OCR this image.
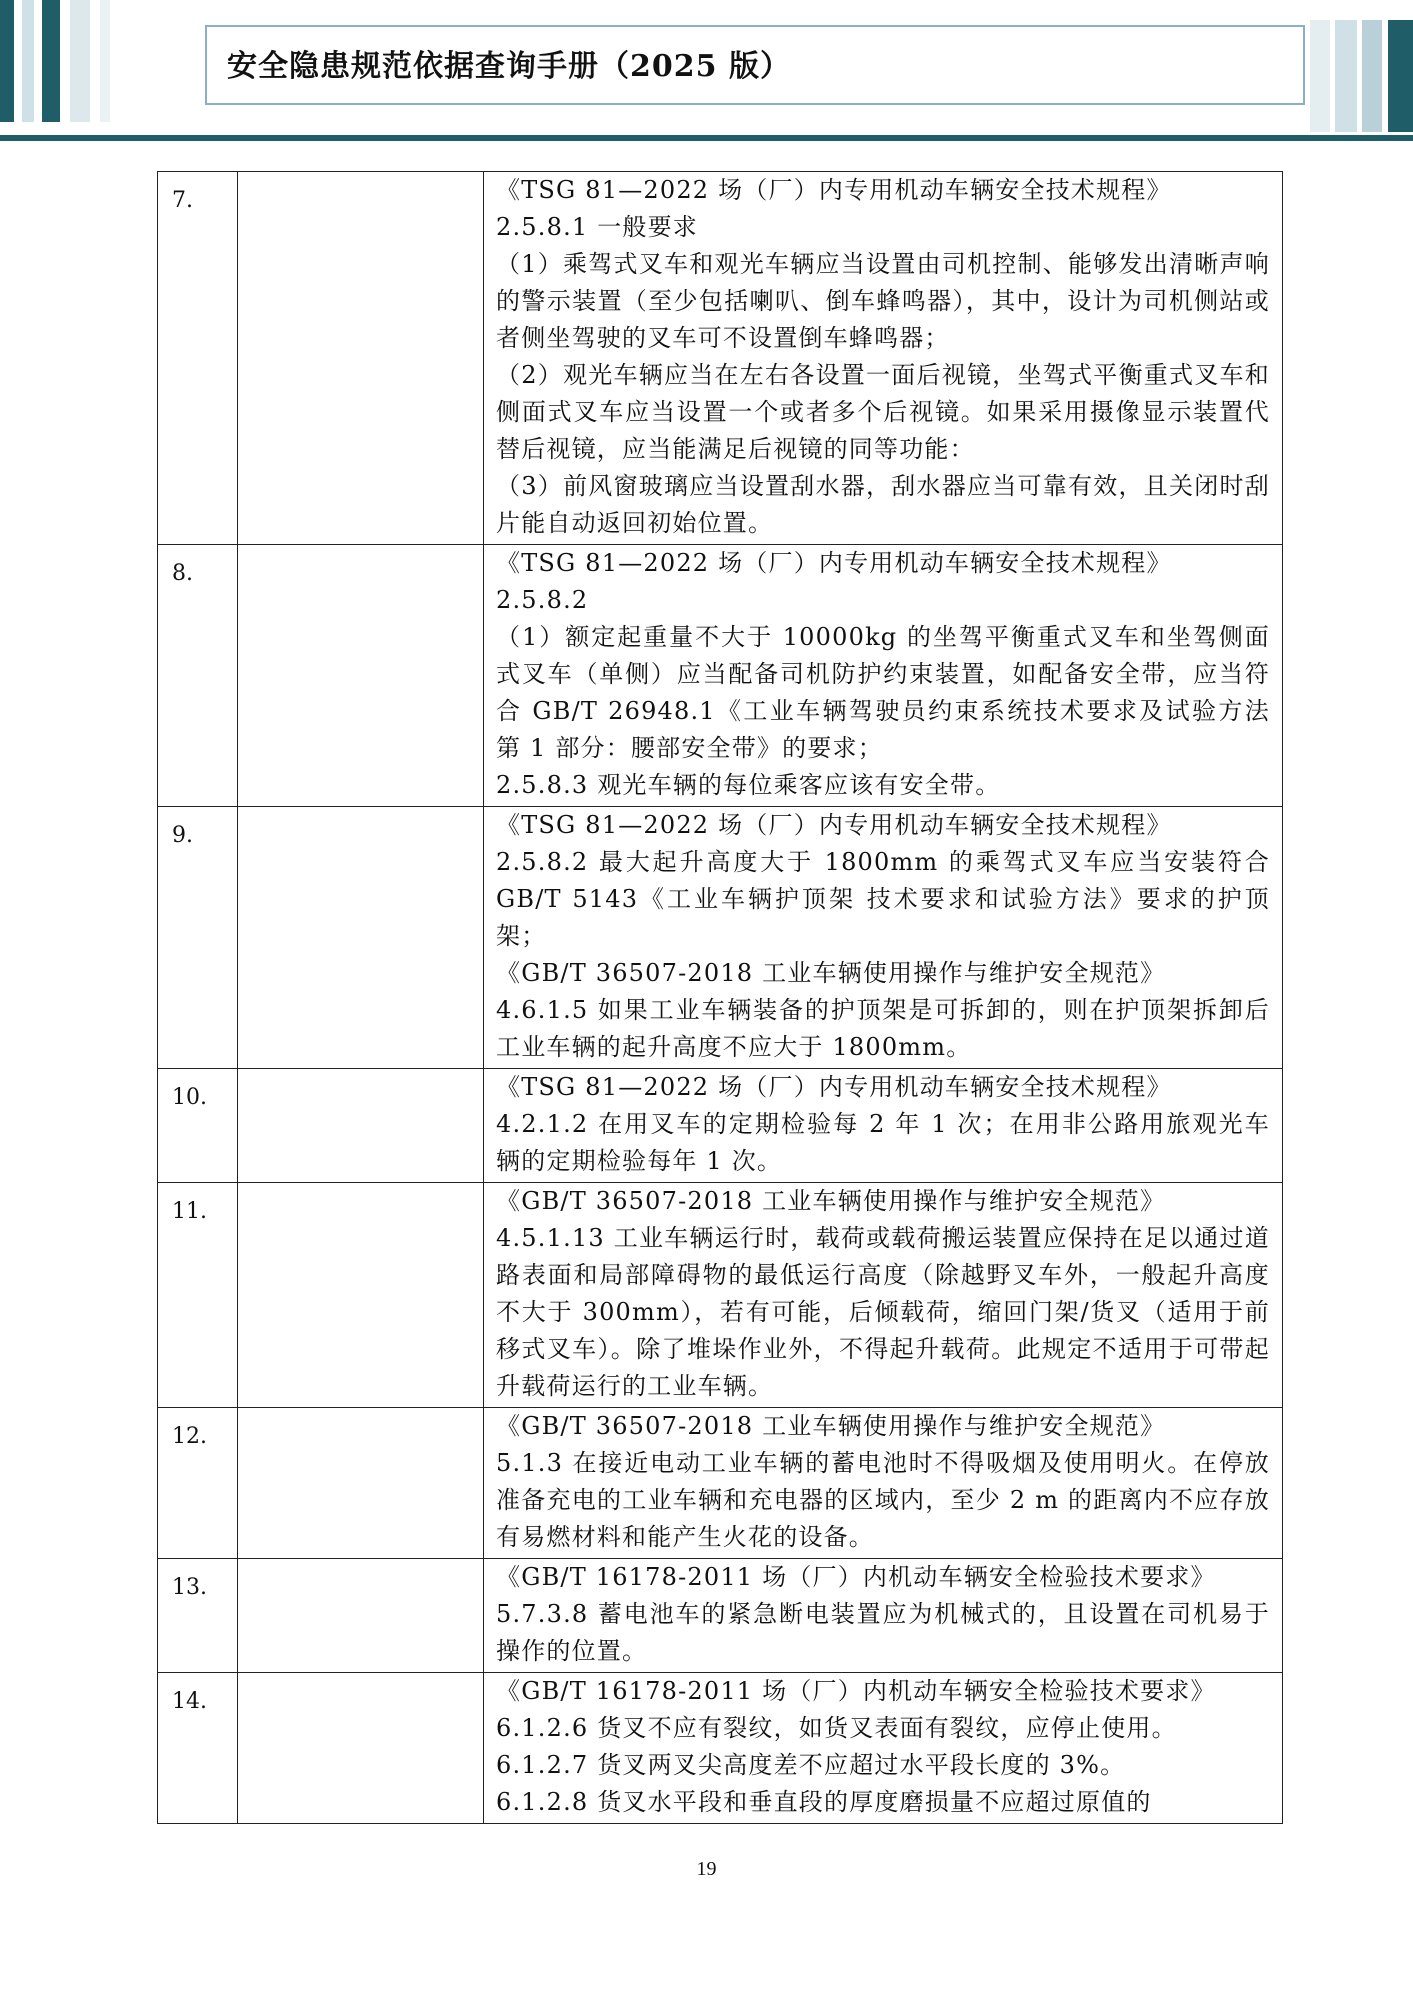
安全隐患规范依据查询手册（2025 版）
7.		《TSG 81—2022 场（厂）内专用机动车辆安全技术规程》
2.5.8.1 一般要求
（1）乘驾式叉车和观光车辆应当设置由司机控制、能够发出清晰声响的警示装置（至少包括喇叭、倒车蜂鸣器），其中，设计为司机侧站或者侧坐驾驶的叉车可不设置倒车蜂鸣器；
（2）观光车辆应当在左右各设置一面后视镜，坐驾式平衡重式叉车和侧面式叉车应当设置一个或者多个后视镜。如果采用摄像显示装置代替后视镜，应当能满足后视镜的同等功能：
（3）前风窗玻璃应当设置刮水器，刮水器应当可靠有效，且关闭时刮片能自动返回初始位置。

8.		《TSG 81—2022 场（厂）内专用机动车辆安全技术规程》
2.5.8.2
（1）额定起重量不大于 10000kg 的坐驾平衡重式叉车和坐驾侧面式叉车（单侧）应当配备司机防护约束装置，如配备安全带，应当符合 GB/T 26948.1《工业车辆驾驶员约束系统技术要求及试验方法 第 1 部分：腰部安全带》的要求；
2.5.8.3 观光车辆的每位乘客应该有安全带。

9.		《TSG 81—2022 场（厂）内专用机动车辆安全技术规程》
2.5.8.2 最大起升高度大于 1800mm 的乘驾式叉车应当安装符合 GB/T 5143《工业车辆护顶架 技术要求和试验方法》要求的护顶架；
《GB/T 36507-2018 工业车辆使用操作与维护安全规范》
4.6.1.5 如果工业车辆装备的护顶架是可拆卸的，则在护顶架拆卸后工业车辆的起升高度不应大于 1800mm。

10.		《TSG 81—2022 场（厂）内专用机动车辆安全技术规程》
4.2.1.2 在用叉车的定期检验每 2 年 1 次；在用非公路用旅观光车辆的定期检验每年 1 次。

11.		《GB/T 36507-2018 工业车辆使用操作与维护安全规范》
4.5.1.13 工业车辆运行时，载荷或载荷搬运装置应保持在足以通过道路表面和局部障碍物的最低运行高度（除越野叉车外，一般起升高度不大于 300mm），若有可能，后倾载荷，缩回门架/货叉（适用于前移式叉车）。除了堆垛作业外，不得起升载荷。此规定不适用于可带起升载荷运行的工业车辆。

12.		《GB/T 36507-2018 工业车辆使用操作与维护安全规范》
5.1.3 在接近电动工业车辆的蓄电池时不得吸烟及使用明火。在停放准备充电的工业车辆和充电器的区域内，至少 2 m 的距离内不应存放有易燃材料和能产生火花的设备。

13.		《GB/T 16178-2011 场（厂）内机动车辆安全检验技术要求》
5.7.3.8 蓄电池车的紧急断电装置应为机械式的，且设置在司机易于操作的位置。

14.		《GB/T 16178-2011 场（厂）内机动车辆安全检验技术要求》
6.1.2.6 货叉不应有裂纹，如货叉表面有裂纹，应停止使用。
6.1.2.7 货叉两叉尖高度差不应超过水平段长度的 3%。
6.1.2.8 货叉水平段和垂直段的厚度磨损量不应超过原值的
19
